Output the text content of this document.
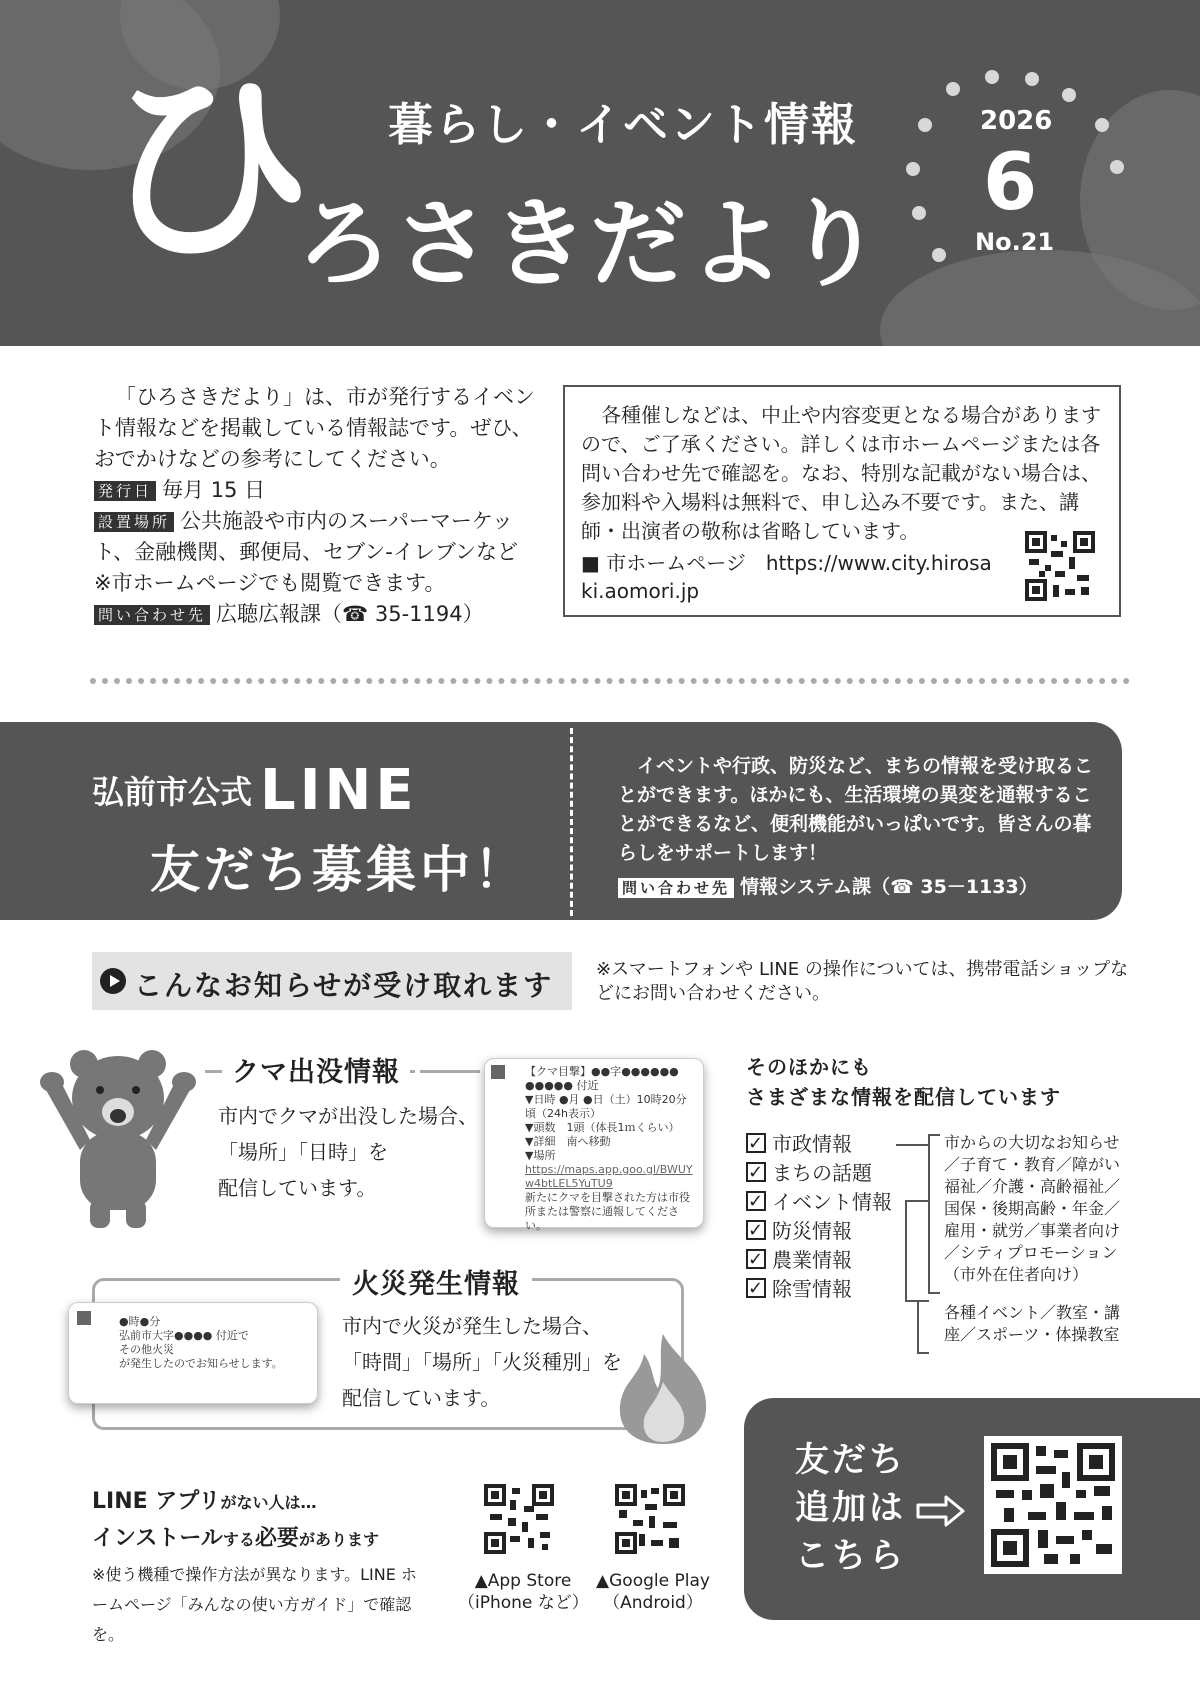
ひ 暮らし・イベント情報
ろさきだより
2026
6
No.21
「ひろさきだより」は、市が発行するイベント情報などを掲載している情報誌です。ぜひ、おでかけなどの参考にしてください。
発行日 毎月 15 日
設置場所 公共施設や市内のスーパーマーケット、金融機関、郵便局、セブン-イレブンなど
※市ホームページでも閲覧できます。
問い合わせ先 広聴広報課（☎ 35-1194）
各種催しなどは、中止や内容変更となる場合がありますので、ご了承ください。詳しくは市ホームページまたは各問い合わせ先で確認を。なお、特別な記載がない場合は、参加料や入場料は無料で、申し込み不要です。また、講師・出演者の敬称は省略しています。
■ 市ホームページ　 https://www.city.hirosaki.aomori.jp
弘前市公式 LINE
友だち募集中！
イベントや行政、防災など、まちの情報を受け取ることができます。ほかにも、生活環境の異変を通報することができるなど、便利機能がいっぱいです。皆さんの暮らしをサポートします！
問い合わせ先 情報システム課（☎ 35－1133）
こんなお知らせが受け取れます ※スマートフォンや LINE の操作については、携帯電話ショップなどにお問い合わせください。
クマ出没情報
市内でクマが出没した場合、
「場所」「日時」を
配信しています。
【クマ目撃】●●字●●●●●●
●●●●● 付近
▼日時 ●月 ●日（土）10時20分頃（24h表示）
▼頭数　1頭（体長1ｍくらい）
▼詳細　南へ移動
▼場所
https://maps.app.goo.gl/BWUYw4btLEL5YuTU9
新たにクマを目撃された方は市役所または警察に通報してください。
火災発生情報
●時●分
弘前市大字●●●● 付近で
その他火災
が発生したのでお知らせします。
市内で火災が発生した場合、
「時間」「場所」「火災種別」を
配信しています。
そのほかにも
さまざまな情報を配信しています
✓市政情報
✓まちの話題
✓イベント情報
✓防災情報
✓農業情報
✓除雪情報
市からの大切なお知らせ／子育て・教育／障がい福祉／介護・高齢福祉／国保・後期高齢・年金／雇用・就労／事業者向け／シティプロモーション（市外在住者向け）
各種イベント／教室・講座／スポーツ・体操教室
LINE アプリがない人は…
インストールする必要があります
※使う機種で操作方法が異なります。LINE ホームページ「みんなの使い方ガイド」で確認を。
▲App Store
（iPhone など）
▲Google Play
（Android）
友だち
追加は
こちら
